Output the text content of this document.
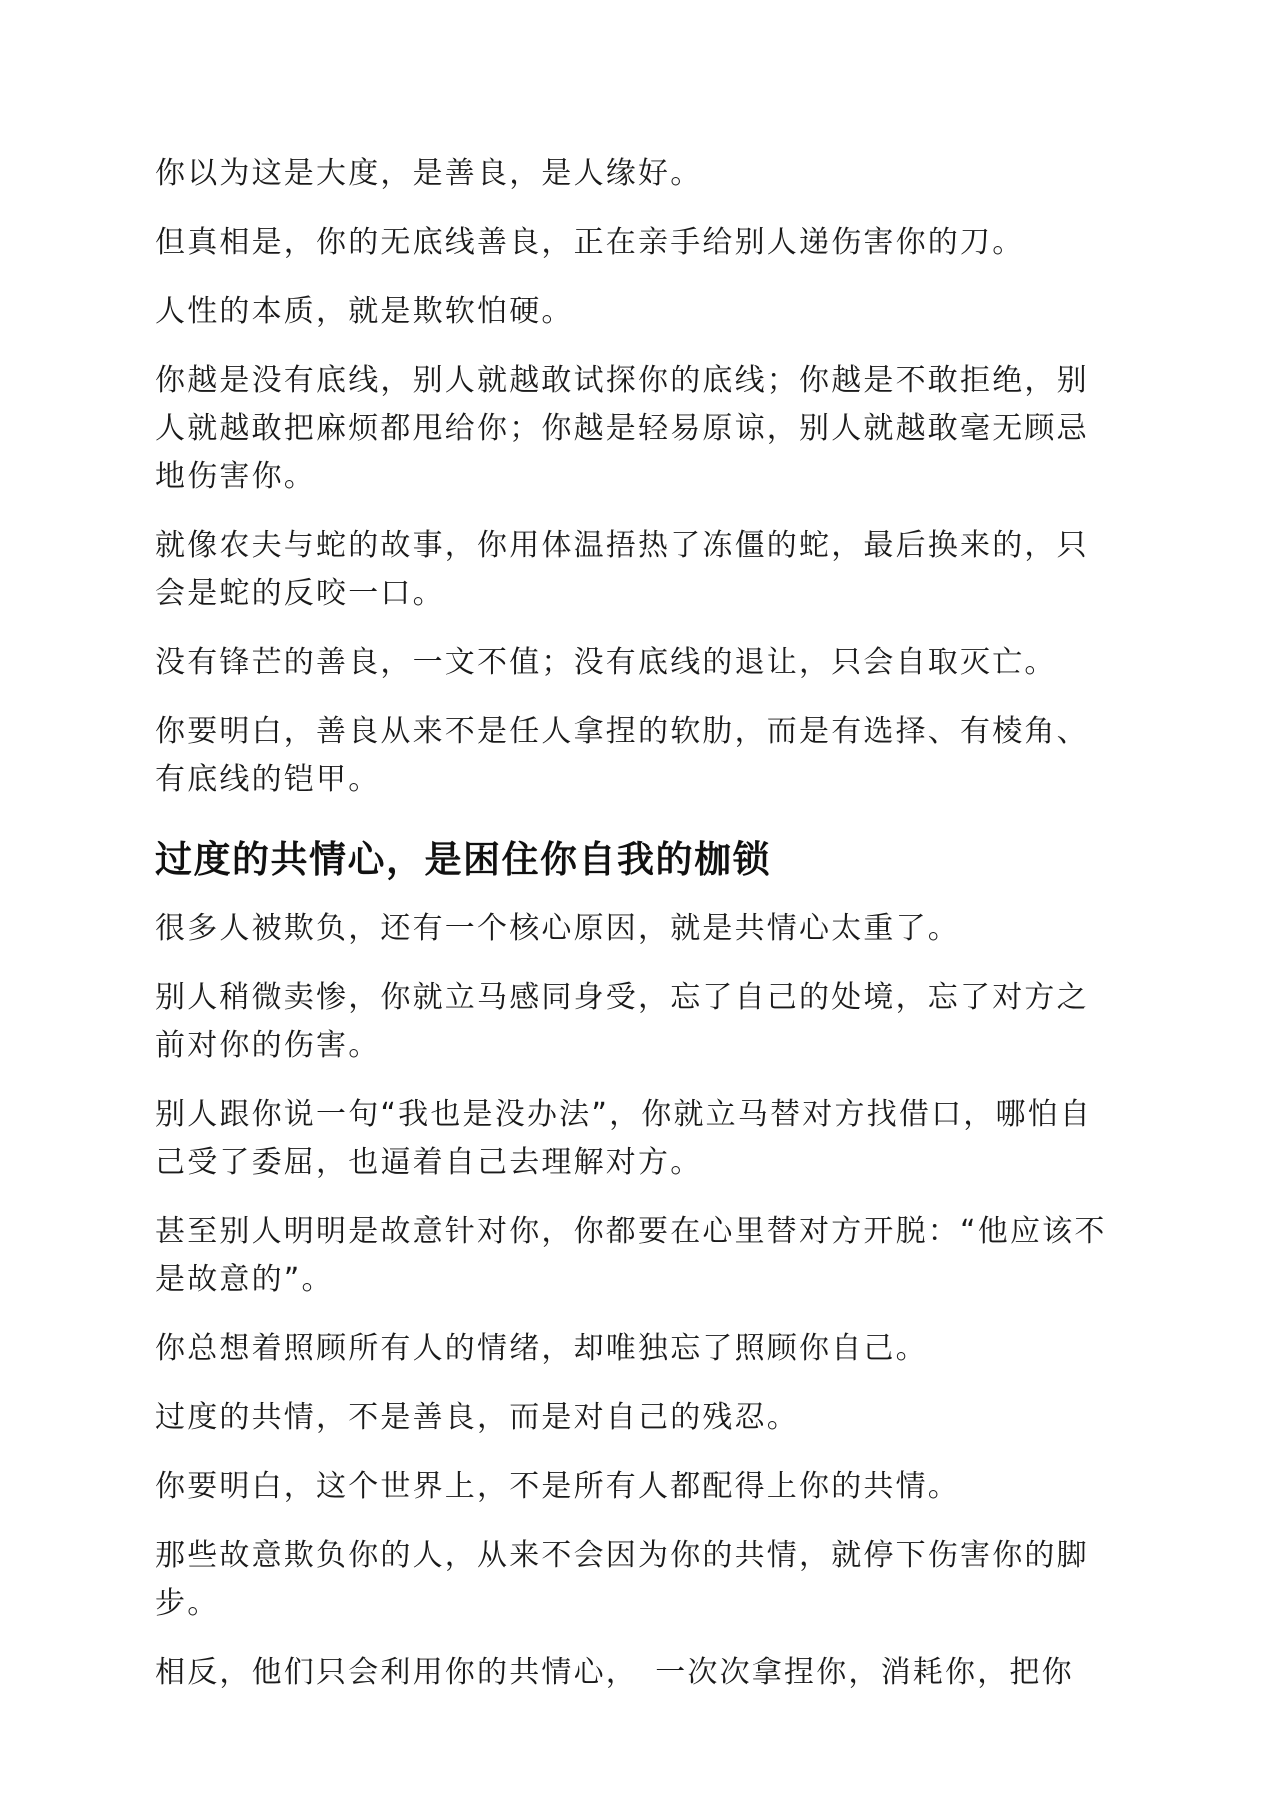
你以为这是大度，是善良，是人缘好。

但真相是，你的无底线善良，正在亲手给别人递伤害你的刀。

人性的本质，就是欺软怕硬。

你越是没有底线，别人就越敢试探你的底线；你越是不敢拒绝，别人就越敢把麻烦都甩给你；你越是轻易原谅，别人就越敢毫无顾忌地伤害你。

就像农夫与蛇的故事，你用体温捂热了冻僵的蛇，最后换来的，只会是蛇的反咬一口。

没有锋芒的善良，一文不值；没有底线的退让，只会自取灭亡。

你要明白，善良从来不是任人拿捏的软肋，而是有选择、有棱角、有底线的铠甲。

过度的共情心，是困住你自我的枷锁

很多人被欺负，还有一个核心原因，就是共情心太重了。

别人稍微卖惨，你就立马感同身受，忘了自己的处境，忘了对方之前对你的伤害。

别人跟你说一句“我也是没办法”，你就立马替对方找借口，哪怕自己受了委屈，也逼着自己去理解对方。

甚至别人明明是故意针对你，你都要在心里替对方开脱：“他应该不是故意的”。

你总想着照顾所有人的情绪，却唯独忘了照顾你自己。

过度的共情，不是善良，而是对自己的残忍。

你要明白，这个世界上，不是所有人都配得上你的共情。

那些故意欺负你的人，从来不会因为你的共情，就停下伤害你的脚步。

相反，他们只会利用你的共情心，　一次次拿捏你，消耗你，把你
